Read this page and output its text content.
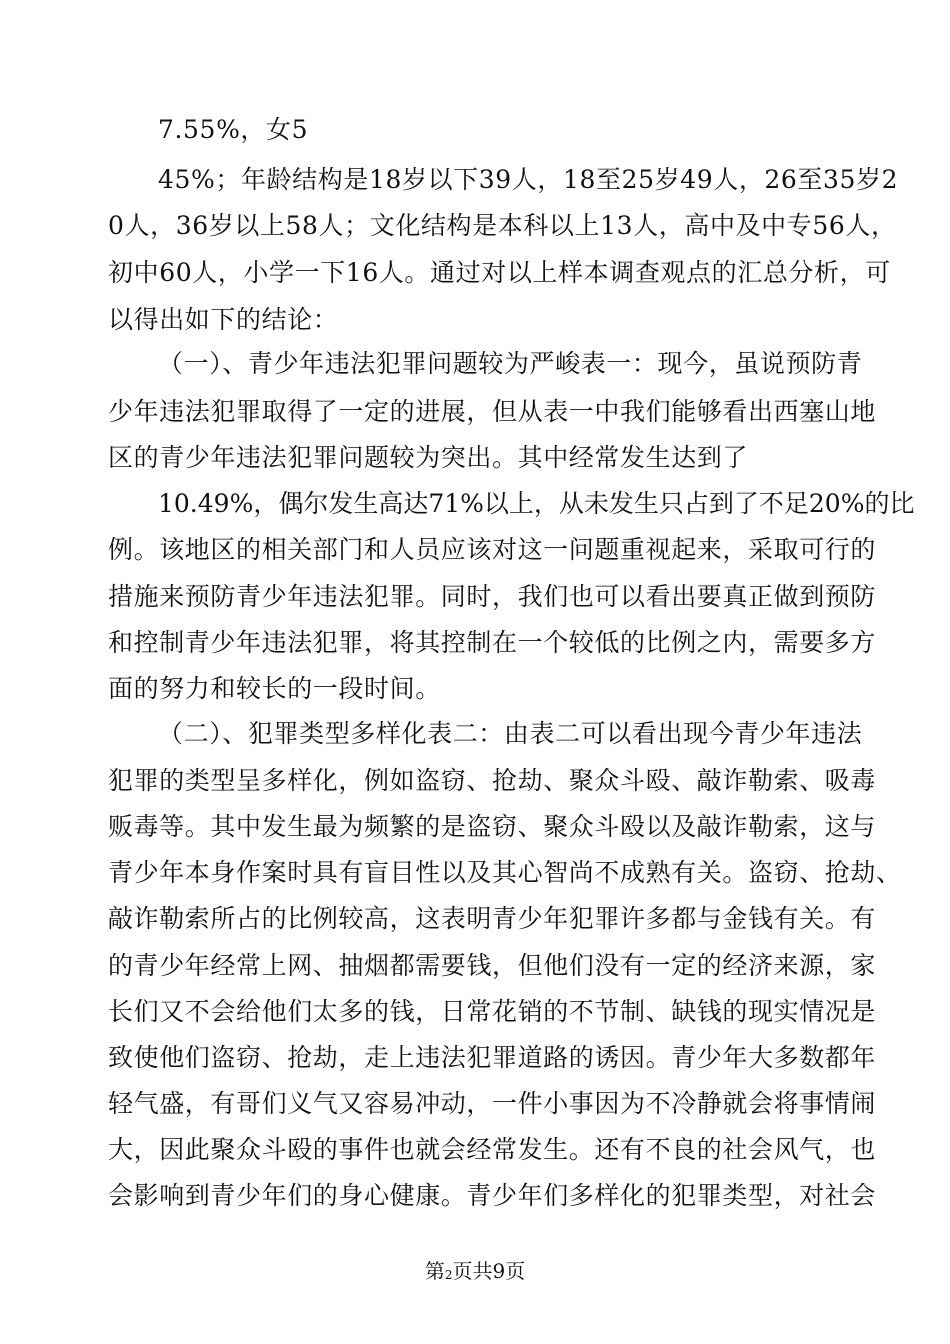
7.55%，女5
45%；年龄结构是18岁以下39人，18至25岁49人，26至35岁2
0人，36岁以上58人；文化结构是本科以上13人，高中及中专56人，
初中60人，小学一下16人。通过对以上样本调查观点的汇总分析，可
以得出如下的结论：
（一）、青少年违法犯罪问题较为严峻表一：现今，虽说预防青
少年违法犯罪取得了一定的进展，但从表一中我们能够看出西塞山地
区的青少年违法犯罪问题较为突出。其中经常发生达到了
10.49%，偶尔发生高达71%以上，从未发生只占到了不足20%的比
例。该地区的相关部门和人员应该对这一问题重视起来，采取可行的
措施来预防青少年违法犯罪。同时，我们也可以看出要真正做到预防
和控制青少年违法犯罪，将其控制在一个较低的比例之内，需要多方
面的努力和较长的一段时间。
（二）、犯罪类型多样化表二：由表二可以看出现今青少年违法
犯罪的类型呈多样化，例如盗窃、抢劫、聚众斗殴、敲诈勒索、吸毒
贩毒等。其中发生最为频繁的是盗窃、聚众斗殴以及敲诈勒索，这与
青少年本身作案时具有盲目性以及其心智尚不成熟有关。盗窃、抢劫、
敲诈勒索所占的比例较高，这表明青少年犯罪许多都与金钱有关。有
的青少年经常上网、抽烟都需要钱，但他们没有一定的经济来源，家
长们又不会给他们太多的钱，日常花销的不节制、缺钱的现实情况是
致使他们盗窃、抢劫，走上违法犯罪道路的诱因。青少年大多数都年
轻气盛，有哥们义气又容易冲动，一件小事因为不冷静就会将事情闹
大，因此聚众斗殴的事件也就会经常发生。还有不良的社会风气，也
会影响到青少年们的身心健康。青少年们多样化的犯罪类型，对社会
第2页共9页
